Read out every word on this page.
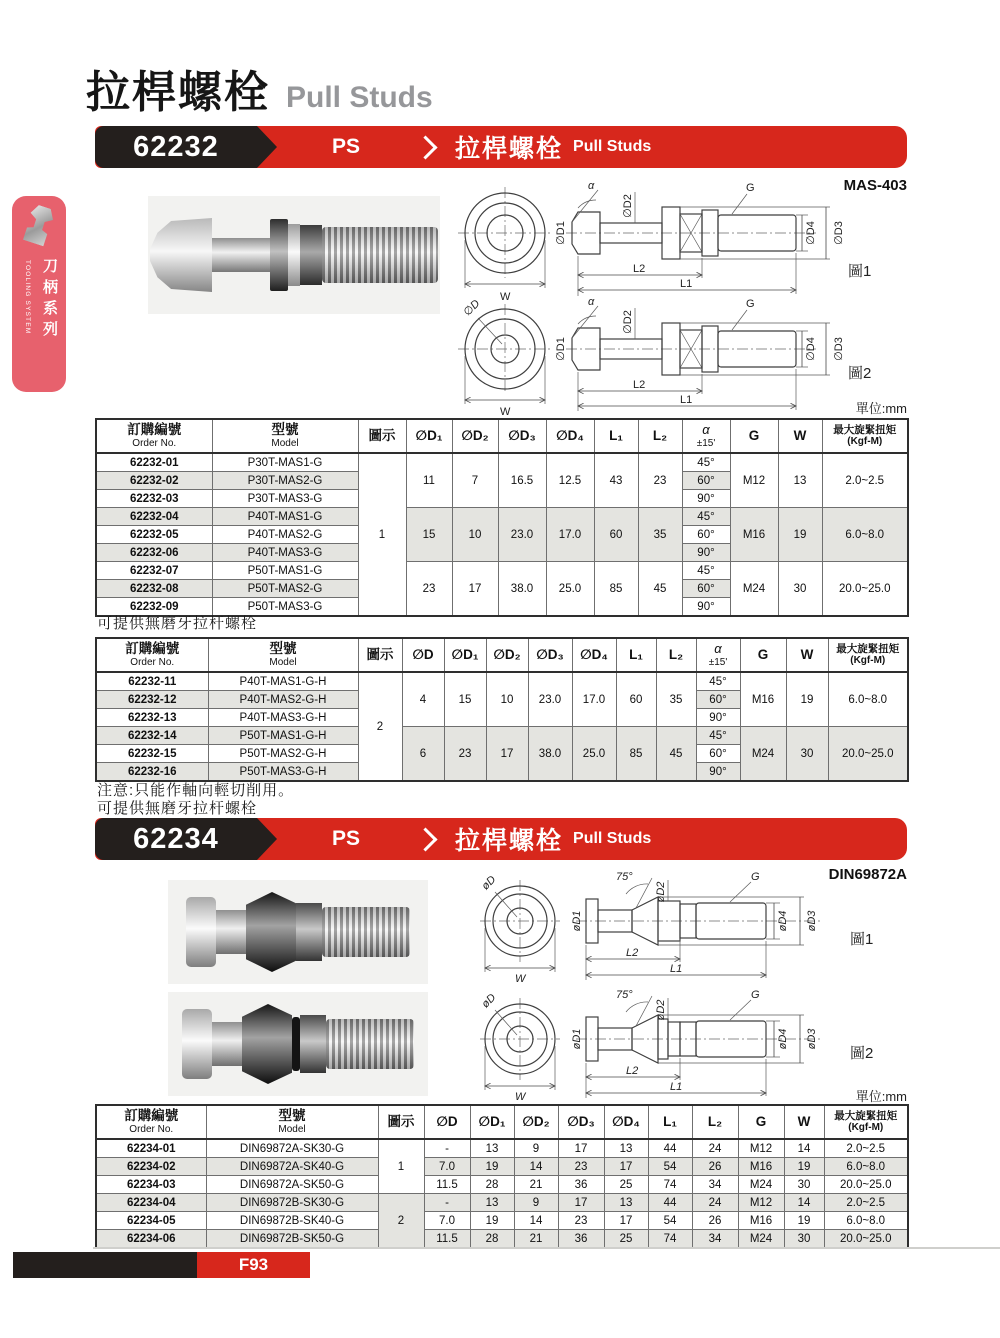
刀柄系列
TOOLING SYSTEM
拉桿螺栓 Pull Studs
62232	PS	拉桿螺栓 Pull Studs
MAS-403
W
α
∅D1
∅D2
G
∅D4 ∅D3
L2
L1
圖1
∅D
W
α
∅D1
∅D2
G
∅D4 ∅D3
L2
L1
圖2
單位:mm
訂購編號
Order No.

型號
Model

圖示	∅D₁	∅D₂	∅D₃	∅D₄	L₁	L₂	α
±15'

G	W	最大旋緊扭矩
(Kgf-M)

62232-01	P30T-MAS1-G	1	11	7	16.5	12.5	43	23	45°	M12	13	2.0~2.5
62232-02	P30T-MAS2-G								60°			
62232-03	P30T-MAS3-G								90°			
62232-04	P40T-MAS1-G		15	10	23.0	17.0	60	35	45°	M16	19	6.0~8.0
62232-05	P40T-MAS2-G								60°			
62232-06	P40T-MAS3-G								90°			
62232-07	P50T-MAS1-G		23	17	38.0	25.0	85	45	45°	M24	30	20.0~25.0
62232-08	P50T-MAS2-G								60°			
62232-09	P50T-MAS3-G								90°			
可提供無磨牙拉杆螺栓
訂購編號
Order No.

型號
Model

圖示	∅D	∅D₁	∅D₂	∅D₃	∅D₄	L₁	L₂	α
±15'

G	W	最大旋緊扭矩
(Kgf-M)

62232-11	P40T-MAS1-G-H	2	4	15	10	23.0	17.0	60	35	45°	M16	19	6.0~8.0
62232-12	P40T-MAS2-G-H									60°			
62232-13	P40T-MAS3-G-H									90°			
62232-14	P50T-MAS1-G-H		6	23	17	38.0	25.0	85	45	45°	M24	30	20.0~25.0
62232-15	P50T-MAS2-G-H									60°			
62232-16	P50T-MAS3-G-H									90°			
注意:只能作軸向輕切削用。
可提供無磨牙拉杆螺栓
62234	PS	拉桿螺栓 Pull Studs
DIN69872A
øD
W
75°
øD1
øD2
G
øD4 øD3
L2
L1
圖1
øD
W
75°
øD1
øD2
G
øD4 øD3
L2
L1
圖2
單位:mm
訂購編號
Order No.

型號
Model

圖示	∅D	∅D₁	∅D₂	∅D₃	∅D₄	L₁	L₂	G	W	最大旋緊扭矩
(Kgf-M)

62234-01	DIN69872A-SK30-G	1	-	13	9	17	13	44	24	M12	14	2.0~2.5
62234-02	DIN69872A-SK40-G		7.0	19	14	23	17	54	26	M16	19	6.0~8.0
62234-03	DIN69872A-SK50-G		11.5	28	21	36	25	74	34	M24	30	20.0~25.0
62234-04	DIN69872B-SK30-G	2	-	13	9	17	13	44	24	M12	14	2.0~2.5
62234-05	DIN69872B-SK40-G		7.0	19	14	23	17	54	26	M16	19	6.0~8.0
62234-06	DIN69872B-SK50-G		11.5	28	21	36	25	74	34	M24	30	20.0~25.0
F93
